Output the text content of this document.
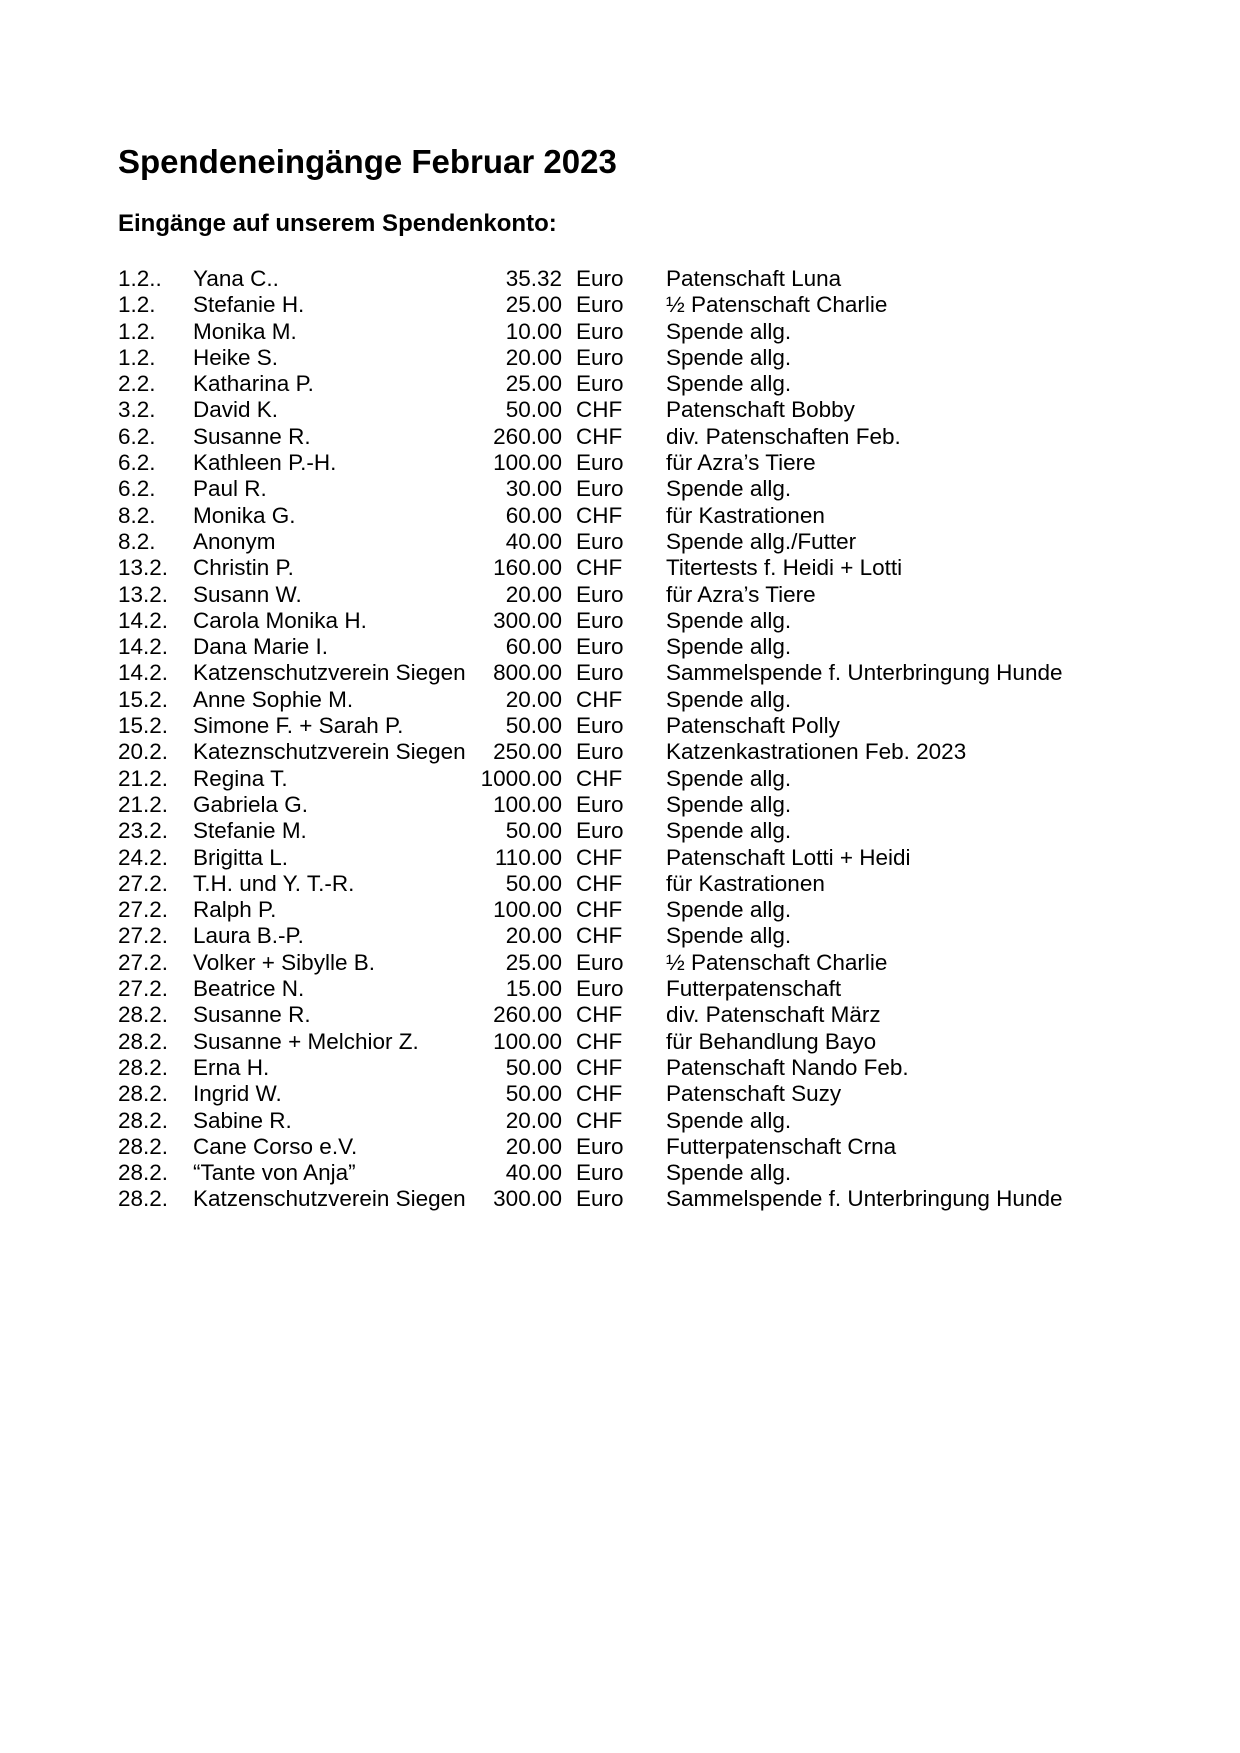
Spendeneingänge Februar 2023
Eingänge auf unserem Spendenkonto:
1.2.. Yana C..	35.32 Euro Patenschaft Luna
1.2. Stefanie H.	25.00 Euro ½ Patenschaft Charlie
1.2. Monika M.	10.00 Euro Spende allg.
1.2. Heike S.	20.00 Euro Spende allg.
2.2. Katharina P.	25.00 Euro Spende allg.
3.2. David K.	50.00 CHF Patenschaft Bobby
6.2. Susanne R.	260.00 CHF div. Patenschaften Feb.
6.2. Kathleen P.-H.	100.00 Euro für Azra’s Tiere
6.2. Paul R.	30.00 Euro Spende allg.
8.2. Monika G.	60.00 CHF für Kastrationen
8.2. Anonym	40.00 Euro Spende allg./Futter
13.2. Christin P.	160.00 CHF Titertests f. Heidi + Lotti
13.2. Susann W.	20.00 Euro für Azra’s Tiere
14.2. Carola Monika H.	300.00 Euro Spende allg.
14.2. Dana Marie I.	60.00 Euro Spende allg.
14.2. Katzenschutzverein Siegen 800.00 Euro Sammelspende f. Unterbringung Hunde
15.2. Anne Sophie M.	20.00 CHF Spende allg.
15.2. Simone F. + Sarah P.	50.00 Euro Patenschaft Polly
20.2. Kateznschutzverein Siegen 250.00 Euro Katzenkastrationen Feb. 2023
21.2. Regina T.	1000.00 CHF Spende allg.
21.2. Gabriela G.	100.00 Euro Spende allg.
23.2. Stefanie M.	50.00 Euro Spende allg.
24.2. Brigitta L.	110.00 CHF Patenschaft Lotti + Heidi
27.2. T.H. und Y. T.-R.	50.00 CHF für Kastrationen
27.2. Ralph P.	100.00 CHF Spende allg.
27.2. Laura B.-P.	20.00 CHF Spende allg.
27.2. Volker + Sibylle B.	25.00 Euro ½ Patenschaft Charlie
27.2. Beatrice N.	15.00 Euro Futterpatenschaft
28.2. Susanne R.	260.00 CHF div. Patenschaft März
28.2. Susanne + Melchior Z.	100.00 CHF für Behandlung Bayo
28.2. Erna H.	50.00 CHF Patenschaft Nando Feb.
28.2. Ingrid W.	50.00 CHF Patenschaft Suzy
28.2. Sabine R.	20.00 CHF Spende allg.
28.2. Cane Corso e.V.	20.00 Euro Futterpatenschaft Crna
28.2. “Tante von Anja”	40.00 Euro Spende allg.
28.2. Katzenschutzverein Siegen 300.00 Euro Sammelspende f. Unterbringung Hunde
